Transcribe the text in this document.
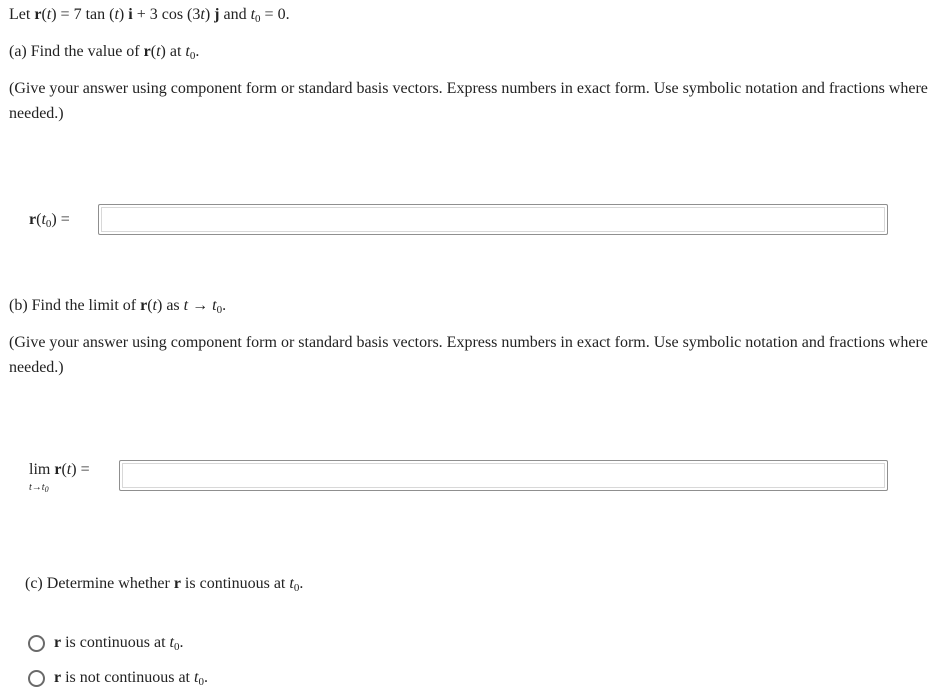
Let r(t) = 7 tan (t) i + 3 cos (3t) j and $t_0 = 0$.
(a) Find the value of r(t) at $t_0$.
(Give your answer using component form or standard basis vectors. Express numbers in exact form. Use symbolic notation and fractions where needed.)
$r(t_0)$ =
(b) Find the limit of r(t) as $t \to t_0$.
(Give your answer using component form or standard basis vectors. Express numbers in exact form. Use symbolic notation and fractions where needed.)
lim r(t) =
$t\to t_0$
(c) Determine whether r is continuous at $t_0$.
r is continuous at $t_0$.
r is not continuous at $t_0$.
